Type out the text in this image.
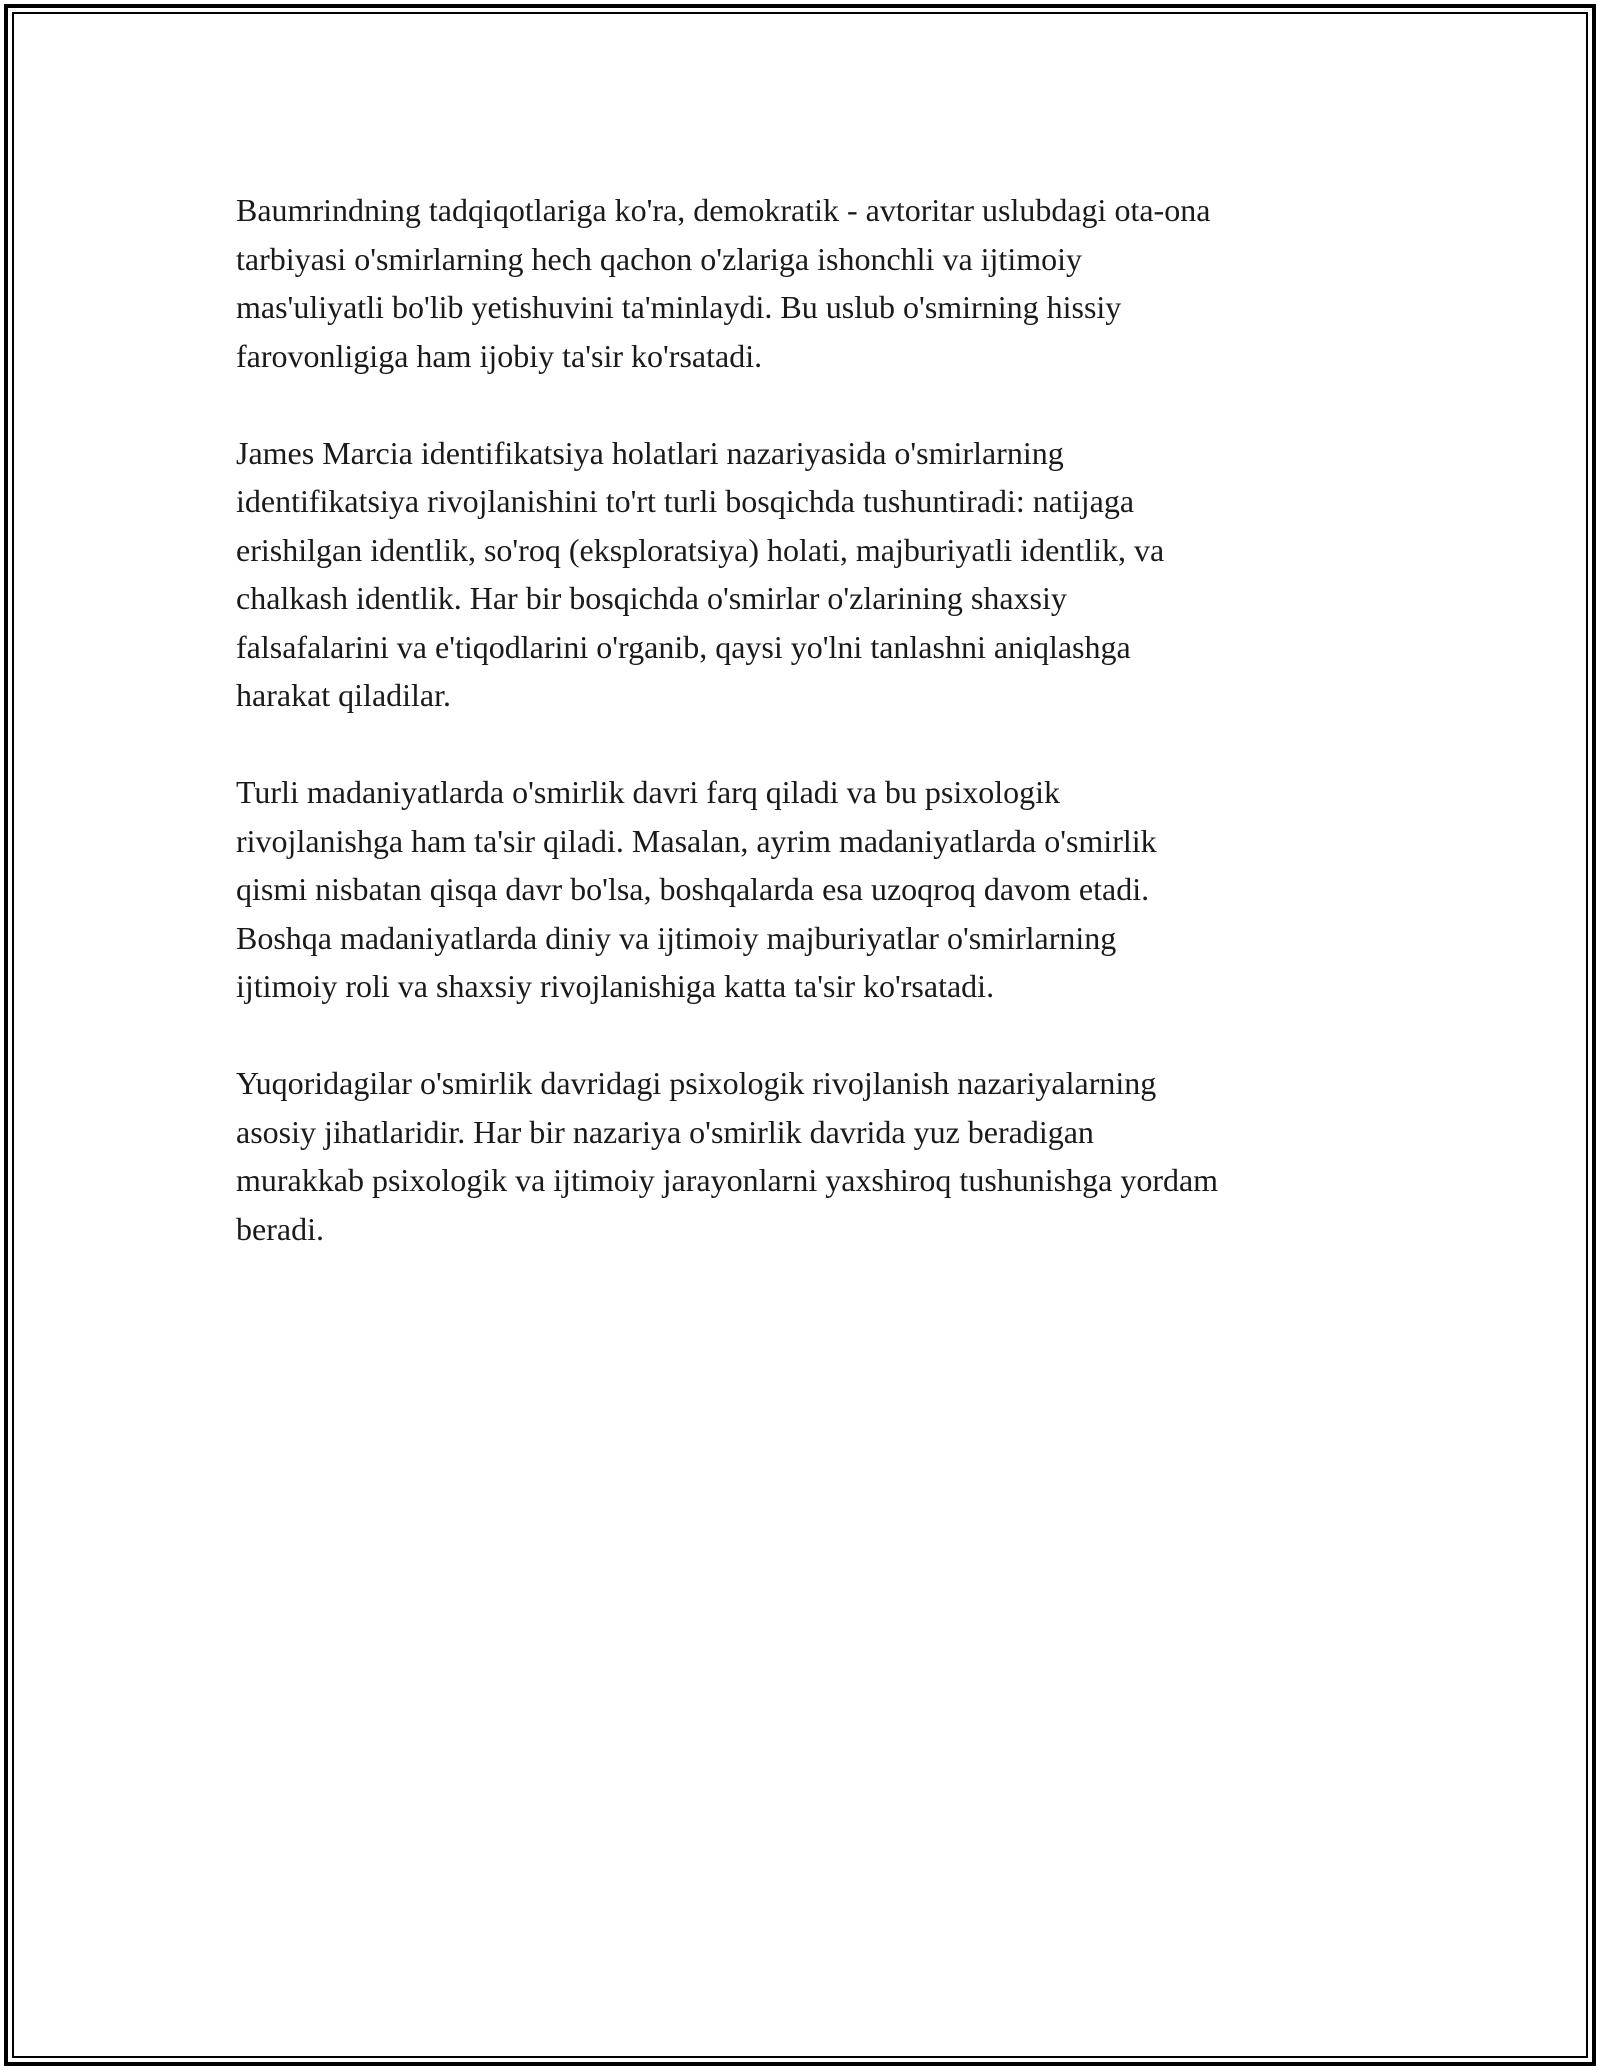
Baumrindning tadqiqotlariga ko'ra, demokratik - avtoritar uslubdagi ota-ona
tarbiyasi o'smirlarning hech qachon o'zlariga ishonchli va ijtimoiy
mas'uliyatli bo'lib yetishuvini ta'minlaydi. Bu uslub o'smirning hissiy
farovonligiga ham ijobiy ta'sir ko'rsatadi.

James Marcia identifikatsiya holatlari nazariyasida o'smirlarning
identifikatsiya rivojlanishini to'rt turli bosqichda tushuntiradi: natijaga
erishilgan identlik, so'roq (eksploratsiya) holati, majburiyatli identlik, va
chalkash identlik. Har bir bosqichda o'smirlar o'zlarining shaxsiy
falsafalarini va e'tiqodlarini o'rganib, qaysi yo'lni tanlashni aniqlashga
harakat qiladilar.

Turli madaniyatlarda o'smirlik davri farq qiladi va bu psixologik
rivojlanishga ham ta'sir qiladi. Masalan, ayrim madaniyatlarda o'smirlik
qismi nisbatan qisqa davr bo'lsa, boshqalarda esa uzoqroq davom etadi.
Boshqa madaniyatlarda diniy va ijtimoiy majburiyatlar o'smirlarning
ijtimoiy roli va shaxsiy rivojlanishiga katta ta'sir ko'rsatadi.

Yuqoridagilar o'smirlik davridagi psixologik rivojlanish nazariyalarning
asosiy jihatlaridir. Har bir nazariya o'smirlik davrida yuz beradigan
murakkab psixologik va ijtimoiy jarayonlarni yaxshiroq tushunishga yordam
beradi.
